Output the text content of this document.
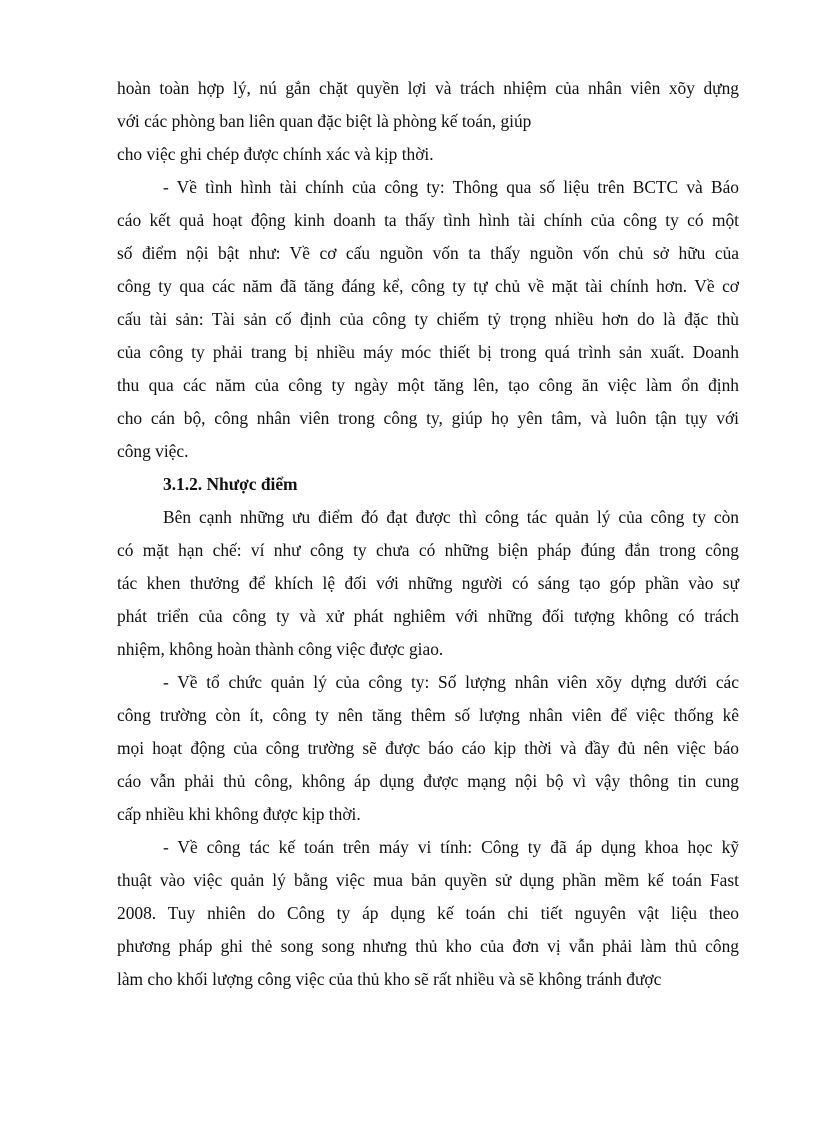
hoàn toàn hợp lý, nú gắn chặt quyền lợi và trách nhiệm của nhân viên xõy dựng
với các phòng ban liên quan đặc biệt là phòng kế toán, giúp
cho việc ghi chép được chính xác và kịp thời.
- Về tình hình tài chính của công ty: Thông qua số liệu trên BCTC và Báo
cáo kết quả hoạt động kinh doanh ta thấy tình hình tài chính của công ty có một
số điểm nội bật như: Về cơ cấu nguồn vốn ta thấy nguồn vốn chủ sở hữu của
công ty qua các năm đã tăng đáng kể, công ty tự chủ về mặt tài chính hơn. Về cơ
cấu tài sản: Tài sản cố định của công ty chiếm tỷ trọng nhiều hơn do là đặc thù
của công ty phải trang bị nhiều máy móc thiết bị trong quá trình sản xuất. Doanh
thu qua các năm của công ty ngày một tăng lên, tạo công ăn việc làm ổn định
cho cán bộ, công nhân viên trong công ty, giúp họ yên tâm, và luôn tận tụy với
công việc.
3.1.2. Nhược điểm
Bên cạnh những ưu điểm đó đạt được thì công tác quản lý của công ty còn
có mặt hạn chế: ví như công ty chưa có những biện pháp đúng đắn trong công
tác khen thưởng để khích lệ đối với những người có sáng tạo góp phần vào sự
phát triển của công ty và xử phát nghiêm với những đối tượng không có trách
nhiệm, không hoàn thành công việc được giao.
- Về tổ chức quản lý của công ty: Số lượng nhân viên xõy dựng dưới các
công trường còn ít, công ty nên tăng thêm số lượng nhân viên để việc thống kê
mọi hoạt động của công trường sẽ được báo cáo kịp thời và đầy đủ nên việc báo
cáo vẫn phải thủ công, không áp dụng được mạng nội bộ vì vậy thông tin cung
cấp nhiều khi không được kịp thời.
- Về công tác kế toán trên máy vi tính: Công ty đã áp dụng khoa học kỹ
thuật vào việc quản lý bằng việc mua bản quyền sử dụng phần mềm kế toán Fast
2008. Tuy nhiên do Công ty áp dụng kế toán chi tiết nguyên vật liệu theo
phương pháp ghi thẻ song song nhưng thủ kho của đơn vị vẫn phải làm thủ công
làm cho khối lượng công việc của thủ kho sẽ rất nhiều và sẽ không tránh được
